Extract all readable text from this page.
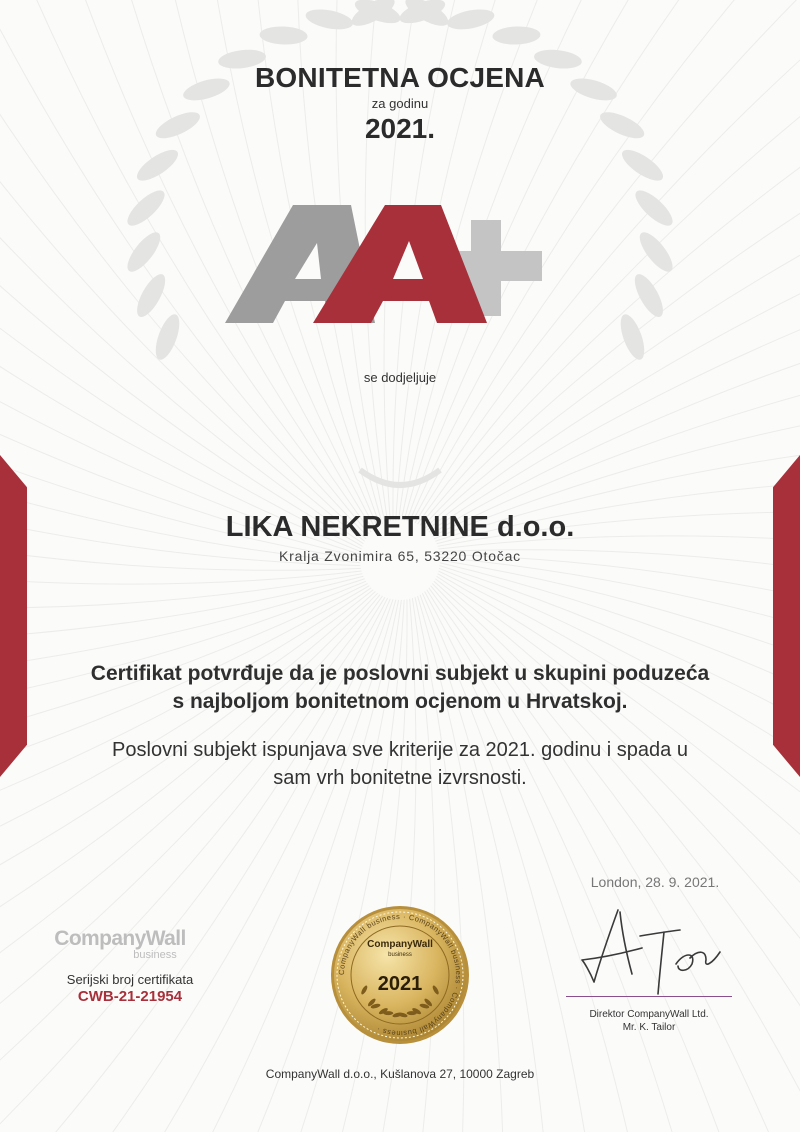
BONITETNA OCJENA
za godinu
2021.
se dodjeljuje
LIKA NEKRETNINE d.o.o.
Kralja Zvonimira 65, 53220 Otočac
Certifikat potvrđuje da je poslovni subjekt u skupini poduzeća
s najboljom bonitetnom ocjenom u Hrvatskoj.
Poslovni subjekt ispunjava sve kriterije za 2021. godinu i spada u
sam vrh bonitetne izvrsnosti.
London, 28. 9. 2021.
CompanyWall
business
Serijski broj certifikata
CWB-21-21954
CompanyWall business · CompanyWall business · CompanyWall business ·
CompanyWall
business
2021
Direktor CompanyWall Ltd.
Mr. K. Tailor
CompanyWall d.o.o., Kušlanova 27, 10000 Zagreb
